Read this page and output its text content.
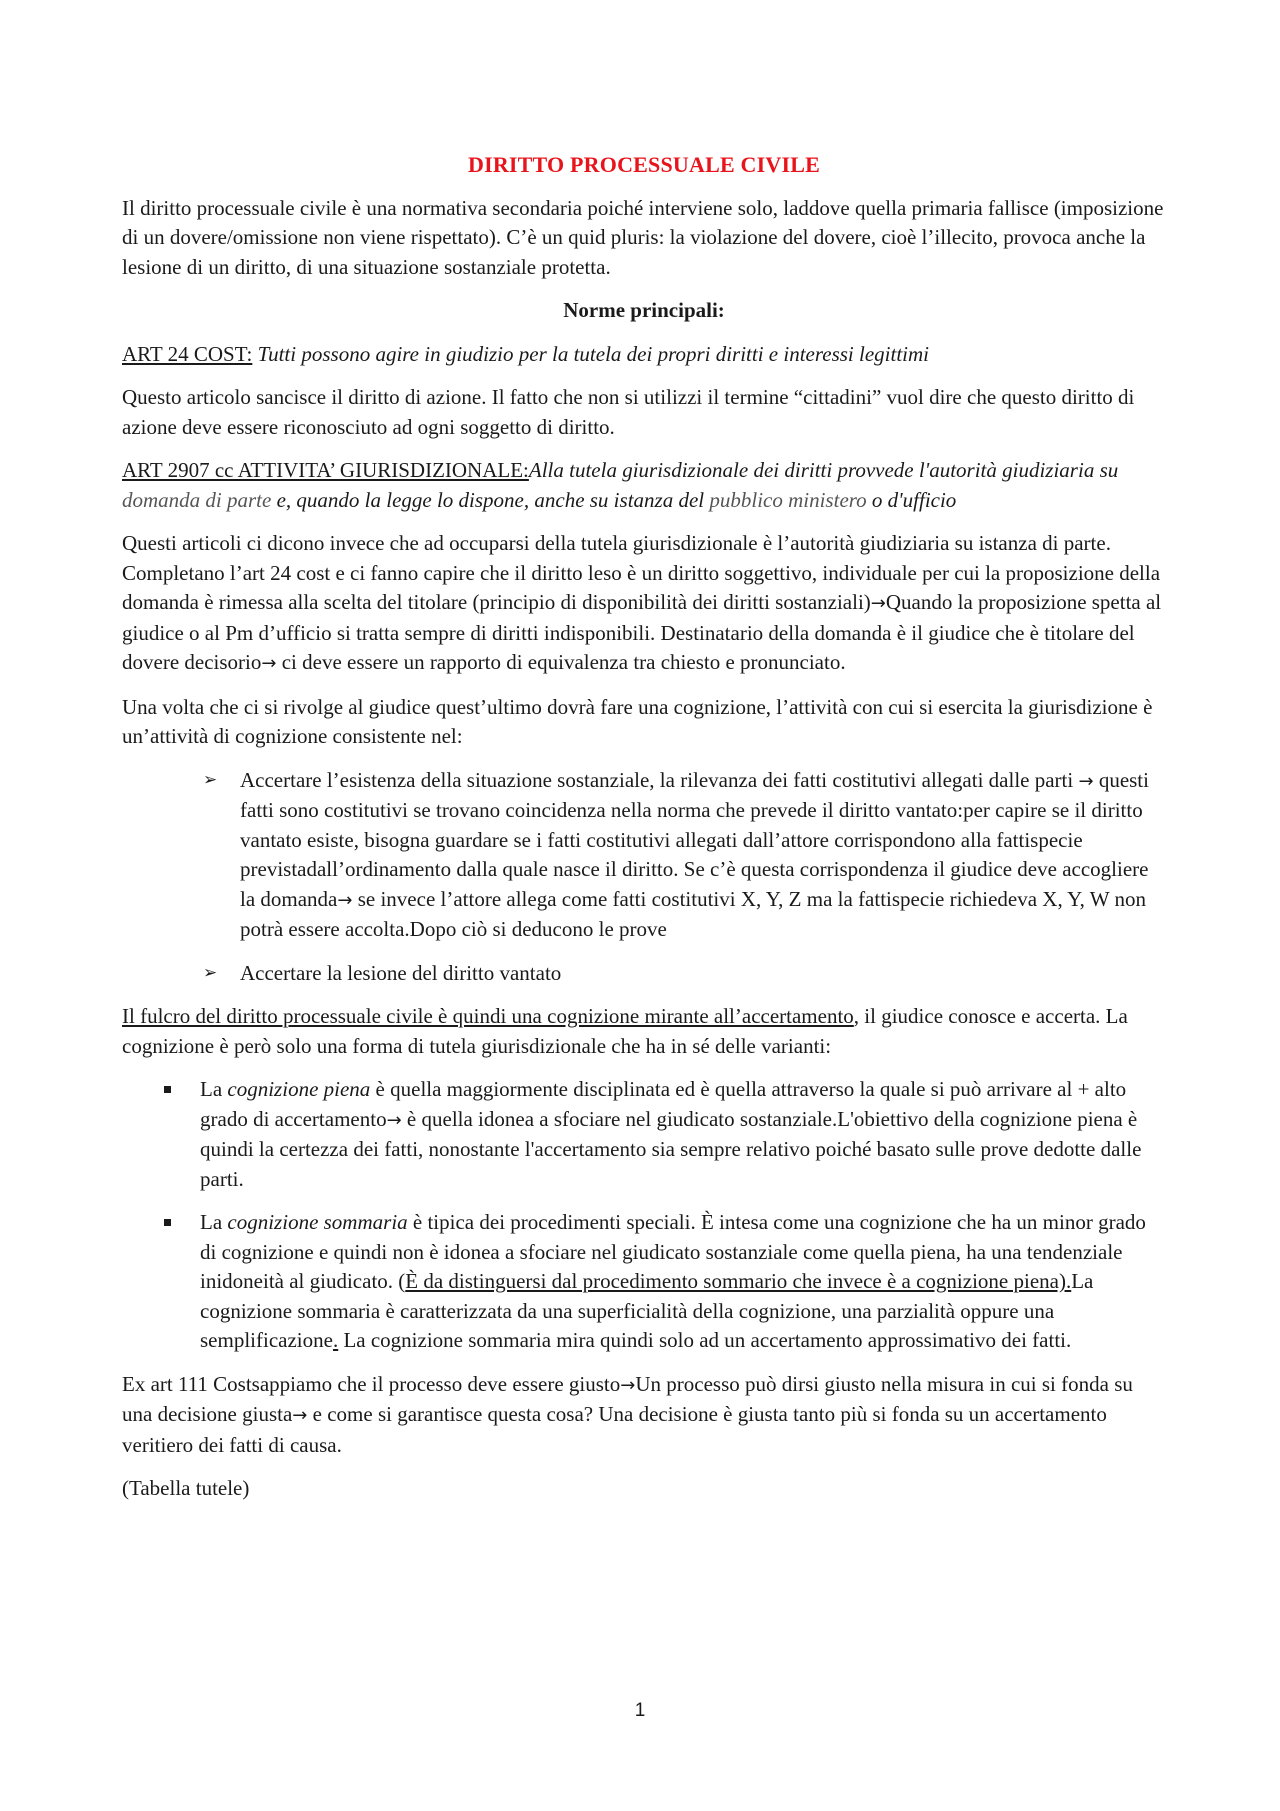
DIRITTO PROCESSUALE CIVILE

Il diritto processuale civile è una normativa secondaria poiché interviene solo, laddove quella primaria fallisce (imposizione di un dovere/omissione non viene rispettato). C’è un quid pluris: la violazione del dovere, cioè l’illecito, provoca anche la lesione di un diritto, di una situazione sostanziale protetta.

Norme principali:

ART 24 COST: Tutti possono agire in giudizio per la tutela dei propri diritti e interessi legittimi

Questo articolo sancisce il diritto di azione. Il fatto che non si utilizzi il termine “cittadini” vuol dire che questo diritto di azione deve essere riconosciuto ad ogni soggetto di diritto.

ART 2907 cc ATTIVITA’ GIURISDIZIONALE:Alla tutela giurisdizionale dei diritti provvede l'autorità giudiziaria su domanda di parte e, quando la legge lo dispone, anche su istanza del pubblico ministero o d'ufficio

Questi articoli ci dicono invece che ad occuparsi della tutela giurisdizionale è l’autorità giudiziaria su istanza di parte. Completano l’art 24 cost e ci fanno capire che il diritto leso è un diritto soggettivo, individuale per cui la proposizione della domanda è rimessa alla scelta del titolare (principio di disponibilità dei diritti sostanziali)→Quando la proposizione spetta al giudice o al Pm d’ufficio si tratta sempre di diritti indisponibili. Destinatario della domanda è il giudice che è titolare del dovere decisorio→ ci deve essere un rapporto di equivalenza tra chiesto e pronunciato.

Una volta che ci si rivolge al giudice quest’ultimo dovrà fare una cognizione, l’attività con cui si esercita la giurisdizione è un’attività di cognizione consistente nel:

➢ Accertare l’esistenza della situazione sostanziale, la rilevanza dei fatti costitutivi allegati dalle parti → questi fatti sono costitutivi se trovano coincidenza nella norma che prevede il diritto vantato:per capire se il diritto vantato esiste, bisogna guardare se i fatti costitutivi allegati dall’attore corrispondono alla fattispecie previstadall’ordinamento dalla quale nasce il diritto. Se c’è questa corrispondenza il giudice deve accogliere la domanda→ se invece l’attore allega come fatti costitutivi X, Y, Z ma la fattispecie richiedeva X, Y, W non potrà essere accolta.Dopo ciò si deducono le prove
➢ Accertare la lesione del diritto vantato

Il fulcro del diritto processuale civile è quindi una cognizione mirante all’accertamento, il giudice conosce e accerta. La cognizione è però solo una forma di tutela giurisdizionale che ha in sé delle varianti:

La cognizione piena è quella maggiormente disciplinata ed è quella attraverso la quale si può arrivare al + alto grado di accertamento→ è quella idonea a sfociare nel giudicato sostanziale.L'obiettivo della cognizione piena è quindi la certezza dei fatti, nonostante l'accertamento sia sempre relativo poiché basato sulle prove dedotte dalle parti.
La cognizione sommaria è tipica dei procedimenti speciali. È intesa come una cognizione che ha un minor grado di cognizione e quindi non è idonea a sfociare nel giudicato sostanziale come quella piena, ha una tendenziale inidoneità al giudicato. (È da distinguersi dal procedimento sommario che invece è a cognizione piena).La cognizione sommaria è caratterizzata da una superficialità della cognizione, una parzialità oppure una semplificazione. La cognizione sommaria mira quindi solo ad un accertamento approssimativo dei fatti.

Ex art 111 Costsappiamo che il processo deve essere giusto→Un processo può dirsi giusto nella misura in cui si fonda su una decisione giusta→ e come si garantisce questa cosa? Una decisione è giusta tanto più si fonda su un accertamento veritiero dei fatti di causa.

(Tabella tutele)

1
